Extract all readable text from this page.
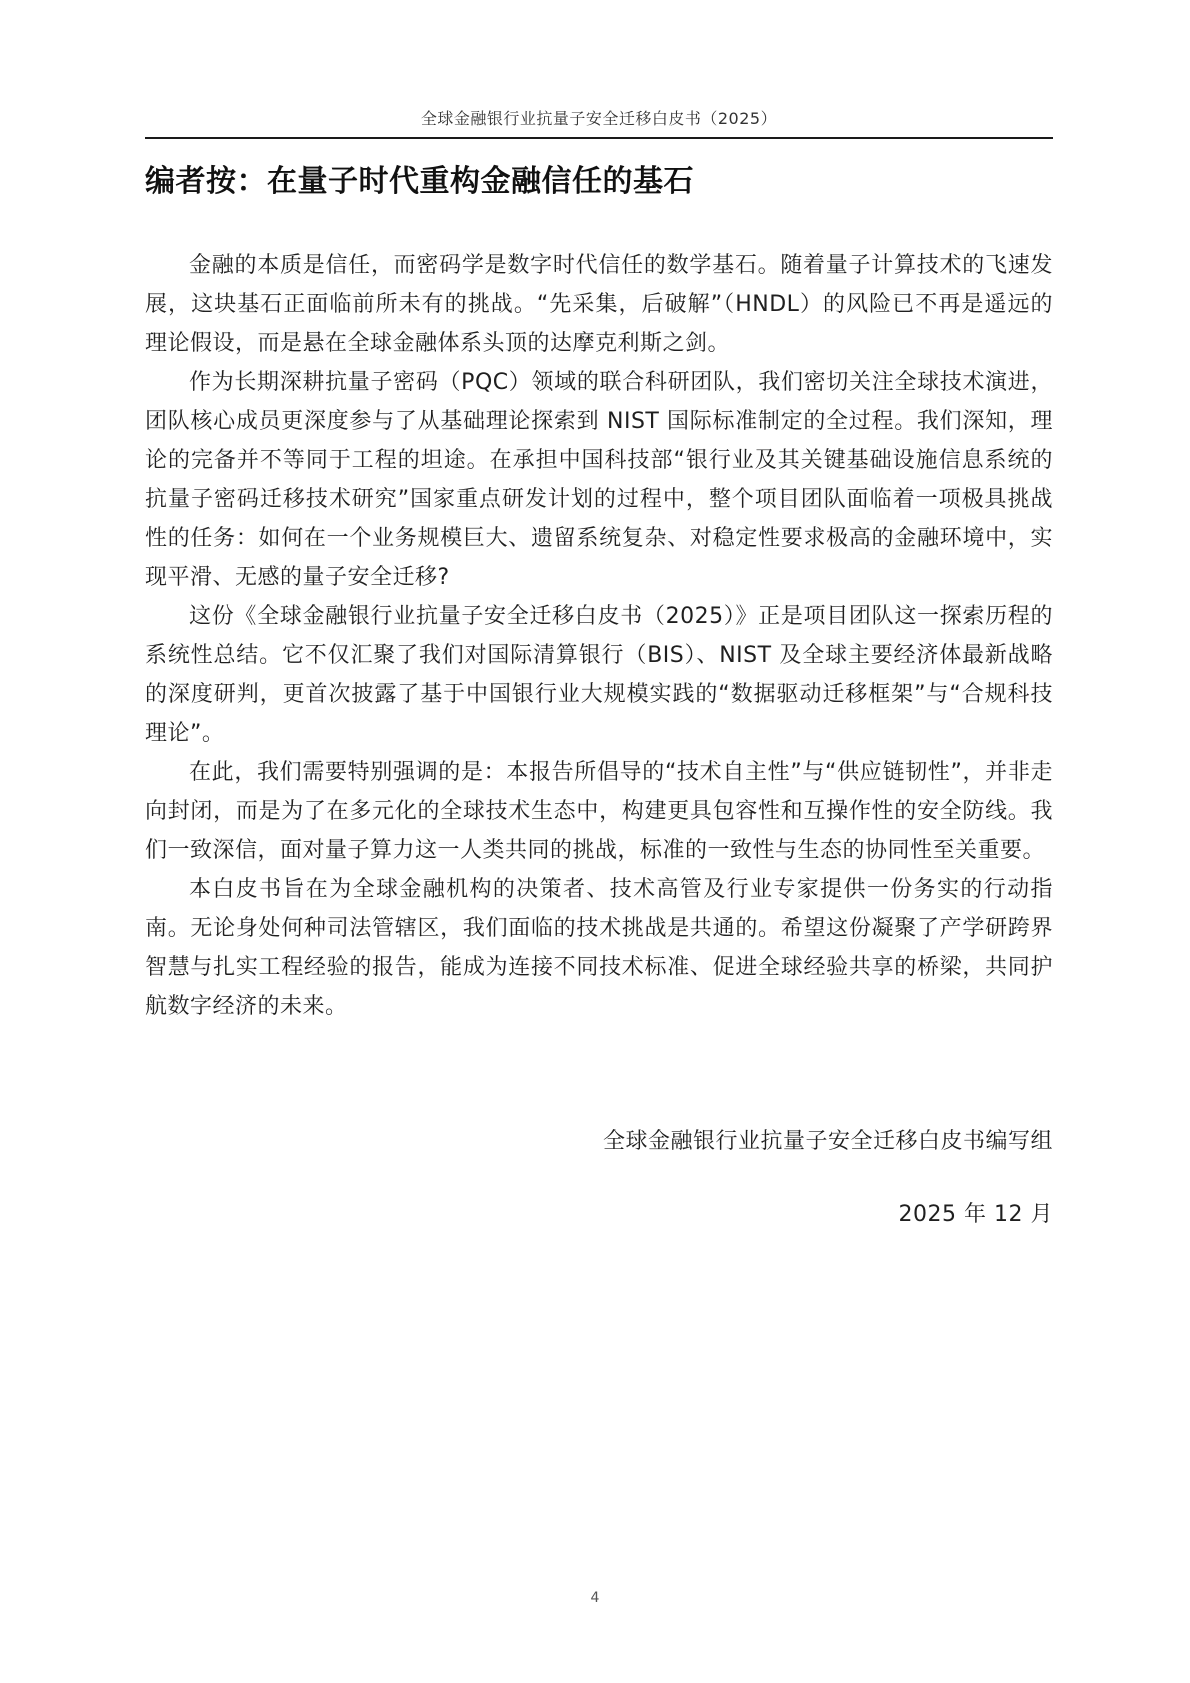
全球金融银行业抗量子安全迁移白皮书（2025）
编者按：在量子时代重构金融信任的基石

金融的本质是信任，而密码学是数字时代信任的数学基石。随着量子计算技术的飞速发展，这块基石正面临前所未有的挑战。“先采集，后破解”（HNDL）的风险已不再是遥远的理论假设，而是悬在全球金融体系头顶的达摩克利斯之剑。

作为长期深耕抗量子密码（PQC）领域的联合科研团队，我们密切关注全球技术演进，团队核心成员更深度参与了从基础理论探索到 NIST 国际标准制定的全过程。我们深知，理论的完备并不等同于工程的坦途。在承担中国科技部“银行业及其关键基础设施信息系统的抗量子密码迁移技术研究”国家重点研发计划的过程中，整个项目团队面临着一项极具挑战性的任务：如何在一个业务规模巨大、遗留系统复杂、对稳定性要求极高的金融环境中，实现平滑、无感的量子安全迁移?

这份《全球金融银行业抗量子安全迁移白皮书（2025）》正是项目团队这一探索历程的系统性总结。它不仅汇聚了我们对国际清算银行（BIS）、NIST 及全球主要经济体最新战略的深度研判，更首次披露了基于中国银行业大规模实践的“数据驱动迁移框架”与“合规科技理论”。

在此，我们需要特别强调的是：本报告所倡导的“技术自主性”与“供应链韧性”，并非走向封闭，而是为了在多元化的全球技术生态中，构建更具包容性和互操作性的安全防线。我们一致深信，面对量子算力这一人类共同的挑战，标准的一致性与生态的协同性至关重要。

本白皮书旨在为全球金融机构的决策者、技术高管及行业专家提供一份务实的行动指南。无论身处何种司法管辖区，我们面临的技术挑战是共通的。希望这份凝聚了产学研跨界智慧与扎实工程经验的报告，能成为连接不同技术标准、促进全球经验共享的桥梁，共同护航数字经济的未来。

全球金融银行业抗量子安全迁移白皮书编写组
2025 年 12 月
4
